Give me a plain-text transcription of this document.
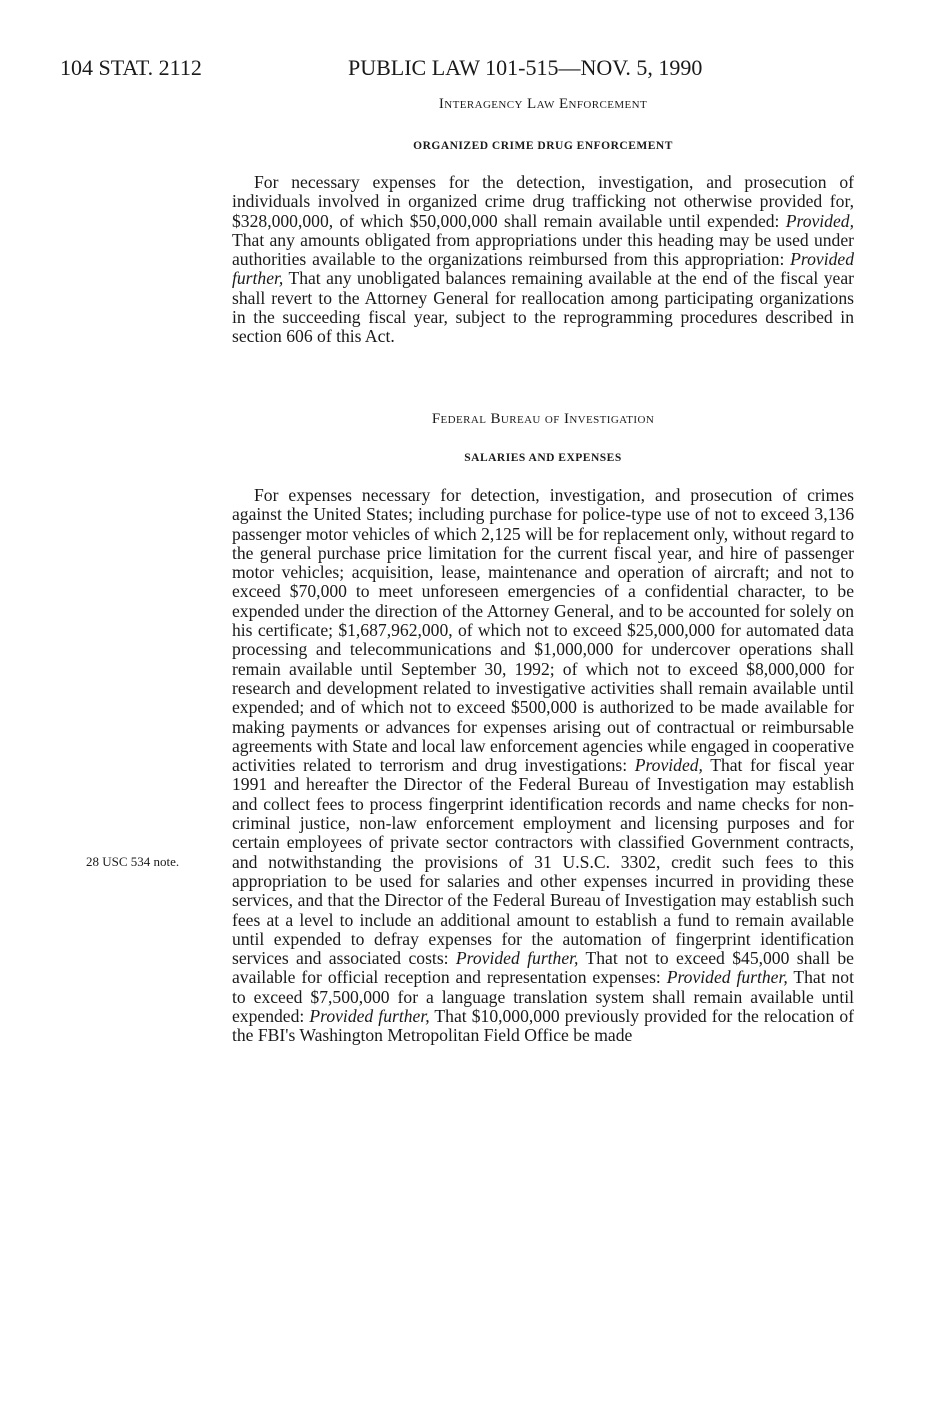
104 STAT. 2112	PUBLIC LAW 101-515—NOV. 5, 1990
Interagency Law Enforcement
ORGANIZED CRIME DRUG ENFORCEMENT

For necessary expenses for the detection, investigation, and prosecution of individuals involved in organized crime drug trafficking not otherwise provided for, $328,000,000, of which $50,000,000 shall remain available until expended: Provided, That any amounts obligated from appropriations under this heading may be used under authorities available to the organizations reimbursed from this appropriation: Provided further, That any unobligated balances remaining available at the end of the fiscal year shall revert to the Attorney General for reallocation among participating organizations in the succeeding fiscal year, subject to the reprogramming procedures described in section 606 of this Act.

Federal Bureau of Investigation
SALARIES AND EXPENSES
28 USC 534 note.

For expenses necessary for detection, investigation, and prosecution of crimes against the United States; including purchase for police-type use of not to exceed 3,136 passenger motor vehicles of which 2,125 will be for replacement only, without regard to the general purchase price limitation for the current fiscal year, and hire of passenger motor vehicles; acquisition, lease, maintenance and operation of aircraft; and not to exceed $70,000 to meet unforeseen emergencies of a confidential character, to be expended under the direction of the Attorney General, and to be accounted for solely on his certificate; $1,687,962,000, of which not to exceed $25,000,000 for automated data processing and telecommunications and $1,000,000 for undercover operations shall remain available until September 30, 1992; of which not to exceed $8,000,000 for research and development related to investigative activities shall remain available until expended; and of which not to exceed $500,000 is authorized to be made available for making payments or advances for expenses arising out of contractual or reimbursable agreements with State and local law enforcement agencies while engaged in cooperative activities related to terrorism and drug investigations: Provided, That for fiscal year 1991 and hereafter the Director of the Federal Bureau of Investigation may establish and collect fees to process fingerprint identification records and name checks for non-criminal justice, non-law enforcement employment and licensing purposes and for certain employees of private sector contractors with classified Government contracts, and notwithstanding the provisions of 31 U.S.C. 3302, credit such fees to this appropriation to be used for salaries and other expenses incurred in providing these services, and that the Director of the Federal Bureau of Investigation may establish such fees at a level to include an additional amount to establish a fund to remain available until expended to defray expenses for the automation of fingerprint identification services and associated costs: Provided further, That not to exceed $45,000 shall be available for official reception and representation expenses: Provided further, That not to exceed $7,500,000 for a language translation system shall remain available until expended: Provided further, That $10,000,000 previously provided for the relocation of the FBI's Washington Metropolitan Field Office be made
